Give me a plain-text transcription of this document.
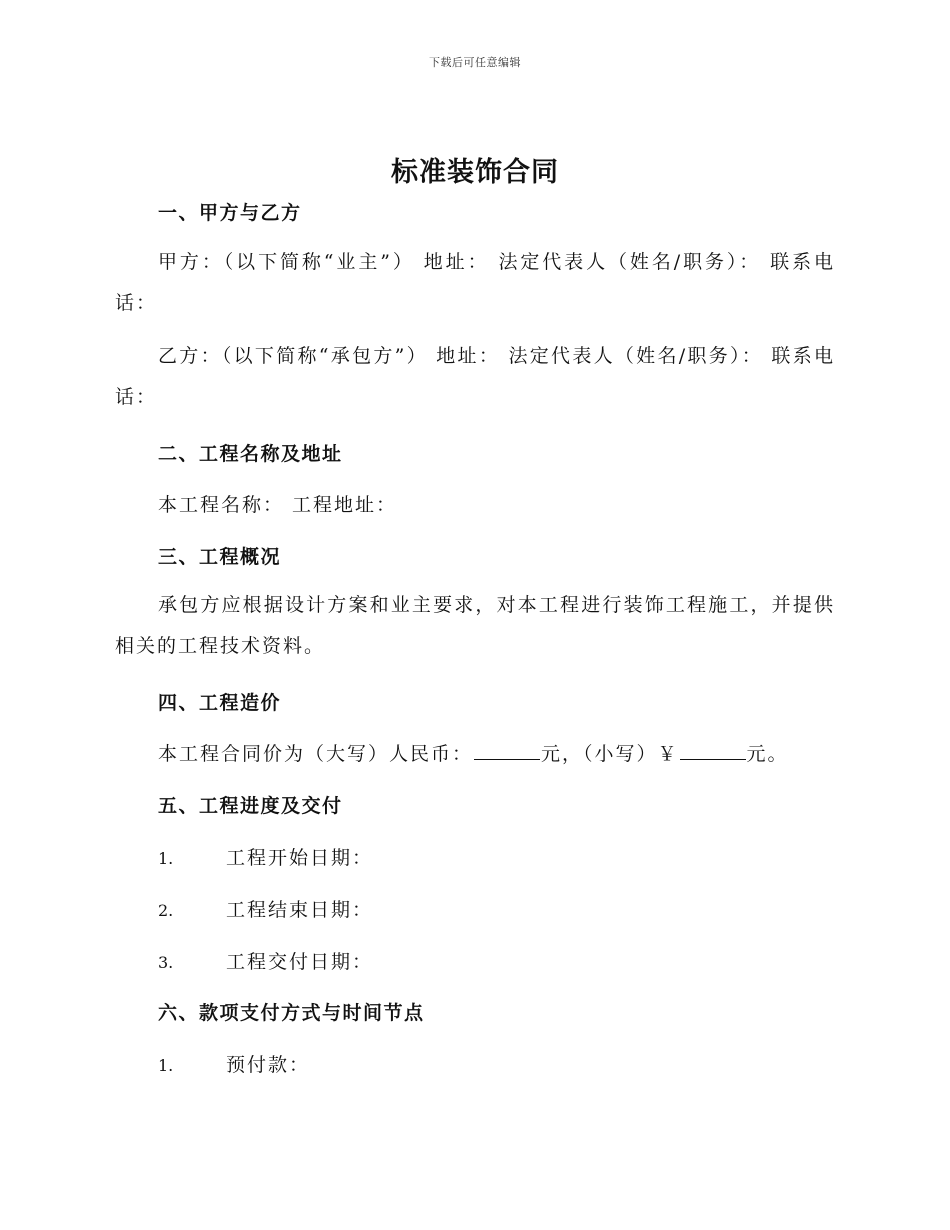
下载后可任意编辑
标准装饰合同
一、甲方与乙方
甲方：（以下简称“业主”） 地址： 法定代表人（姓名/职务）： 联系电话：
乙方：（以下简称“承包方”） 地址： 法定代表人（姓名/职务）： 联系电话：
二、工程名称及地址
本工程名称： 工程地址：
三、工程概况
承包方应根据设计方案和业主要求，对本工程进行装饰工程施工，并提供相关的工程技术资料。
四、工程造价
本工程合同价为（大写）人民币：	元，（小写）￥	元。
五、工程进度及交付
1.	工程开始日期：
2.	工程结束日期：
3.	工程交付日期：
六、款项支付方式与时间节点
1.	预付款：
